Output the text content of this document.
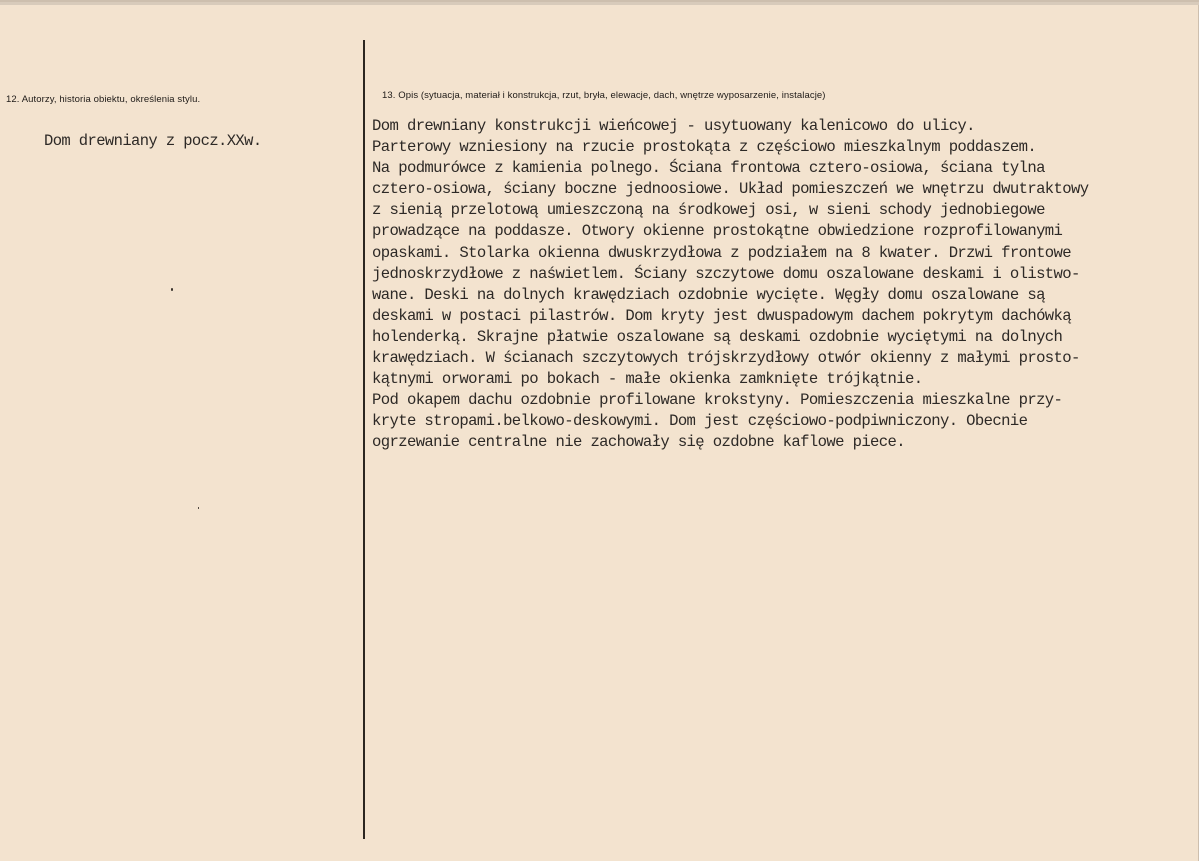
12. Autorzy, historia obiektu, określenia stylu.
Dom drewniany z pocz.XXw.
13. Opis (sytuacja, materiał i konstrukcja, rzut, bryła, elewacje, dach, wnętrze wyposarzenie, instalacje)
Dom drewniany konstrukcji wieńcowej - usytuowany kalenicowo do ulicy.
Parterowy wzniesiony na rzucie prostokąta z częściowo mieszkalnym poddaszem.
Na podmurówce z kamienia polnego. Ściana frontowa cztero-osiowa, ściana tylna
cztero-osiowa, ściany boczne jednoosiowe. Układ pomieszczeń we wnętrzu dwutraktowy
z sienią przelotową umieszczoną na środkowej osi, w sieni schody jednobiegowe
prowadzące na poddasze. Otwory okienne prostokątne obwiedzione rozprofilowanymi
opaskami. Stolarka okienna dwuskrzydłowa z podziałem na 8 kwater. Drzwi frontowe
jednoskrzydłowe z naświetlem. Ściany szczytowe domu oszalowane deskami i olistwo-
wane. Deski na dolnych krawędziach ozdobnie wycięte. Węgły domu oszalowane są
deskami w postaci pilastrów. Dom kryty jest dwuspadowym dachem pokrytym dachówką
holenderką. Skrajne płatwie oszalowane są deskami ozdobnie wyciętymi na dolnych
krawędziach. W ścianach szczytowych trójskrzydłowy otwór okienny z małymi prosto-
kątnymi orworami po bokach - małe okienka zamknięte trójkątnie.
Pod okapem dachu ozdobnie profilowane krokstyny. Pomieszczenia mieszkalne przy-
kryte stropami.belkowo-deskowymi. Dom jest częściowo-podpiwniczony. Obecnie
ogrzewanie centralne nie zachowały się ozdobne kaflowe piece.
